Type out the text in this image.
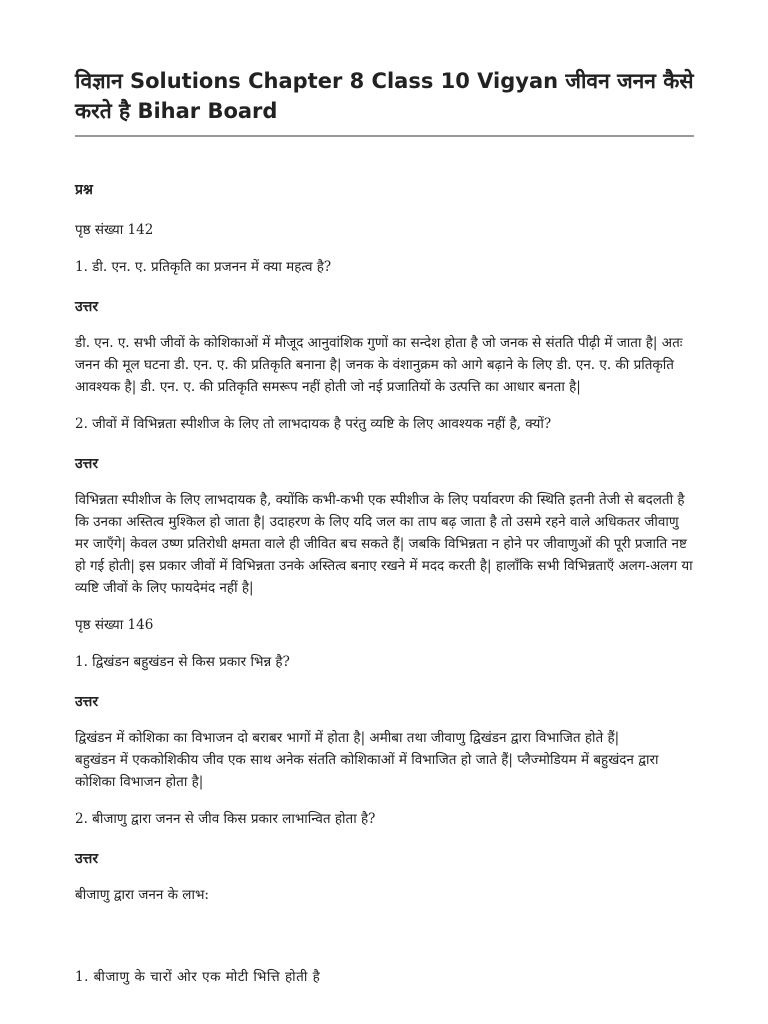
विज्ञान Solutions Chapter 8 Class 10 Vigyan जीवन जनन कैसे करते है Bihar Board
प्रश्न

पृष्ठ संख्या 142

1. डी. एन. ए. प्रतिकृति का प्रजनन में क्या महत्व है?

उत्तर

डी. एन. ए. सभी जीवों के कोशिकाओं में मौजूद आनुवांशिक गुणों का सन्देश होता है जो जनक से संतति पीढ़ी में जाता है| अतः जनन की मूल घटना डी. एन. ए. की प्रतिकृति बनाना है| जनक के वंशानुक्रम को आगे बढ़ाने के लिए डी. एन. ए. की प्रतिकृति आवश्यक है| डी. एन. ए. की प्रतिकृति समरूप नहीं होती जो नई प्रजातियों के उत्पत्ति का आधार बनता है|

2. जीवों में विभिन्नता स्पीशीज के लिए तो लाभदायक है परंतु व्यष्टि के लिए आवश्यक नहीं है, क्यों?

उत्तर

विभिन्नता स्पीशीज के लिए लाभदायक है, क्योंकि कभी-कभी एक स्पीशीज के लिए पर्यावरण की स्थिति इतनी तेजी से बदलती है कि उनका अस्तित्व मुश्किल हो जाता है| उदाहरण के लिए यदि जल का ताप बढ़ जाता है तो उसमे रहने वाले अधिकतर जीवाणु मर जाएँगे| केवल उष्ण प्रतिरोधी क्षमता वाले ही जीवित बच सकते हैं| जबकि विभिन्नता न होने पर जीवाणुओं की पूरी प्रजाति नष्ट हो गई होती| इस प्रकार जीवों में विभिन्नता उनके अस्तित्व बनाए रखने में मदद करती है| हालाँकि सभी विभिन्नताएँ अलग-अलग या व्यष्टि जीवों के लिए फायदेमंद नहीं है|

पृष्ठ संख्या 146

1. द्विखंडन बहुखंडन से किस प्रकार भिन्न है?

उत्तर

द्विखंडन में कोशिका का विभाजन दो बराबर भागों में होता है| अमीबा तथा जीवाणु द्विखंडन द्वारा विभाजित होते हैं|

बहुखंडन में एककोशिकीय जीव एक साथ अनेक संतति कोशिकाओं में विभाजित हो जाते हैं| प्लैज्मोडियम में बहुखंदन द्वारा कोशिका विभाजन होता है|

2. बीजाणु द्वारा जनन से जीव किस प्रकार लाभान्वित होता है?

उत्तर

बीजाणु द्वारा जनन के लाभ:

1. बीजाणु के चारों ओर एक मोटी भित्ति होती है
